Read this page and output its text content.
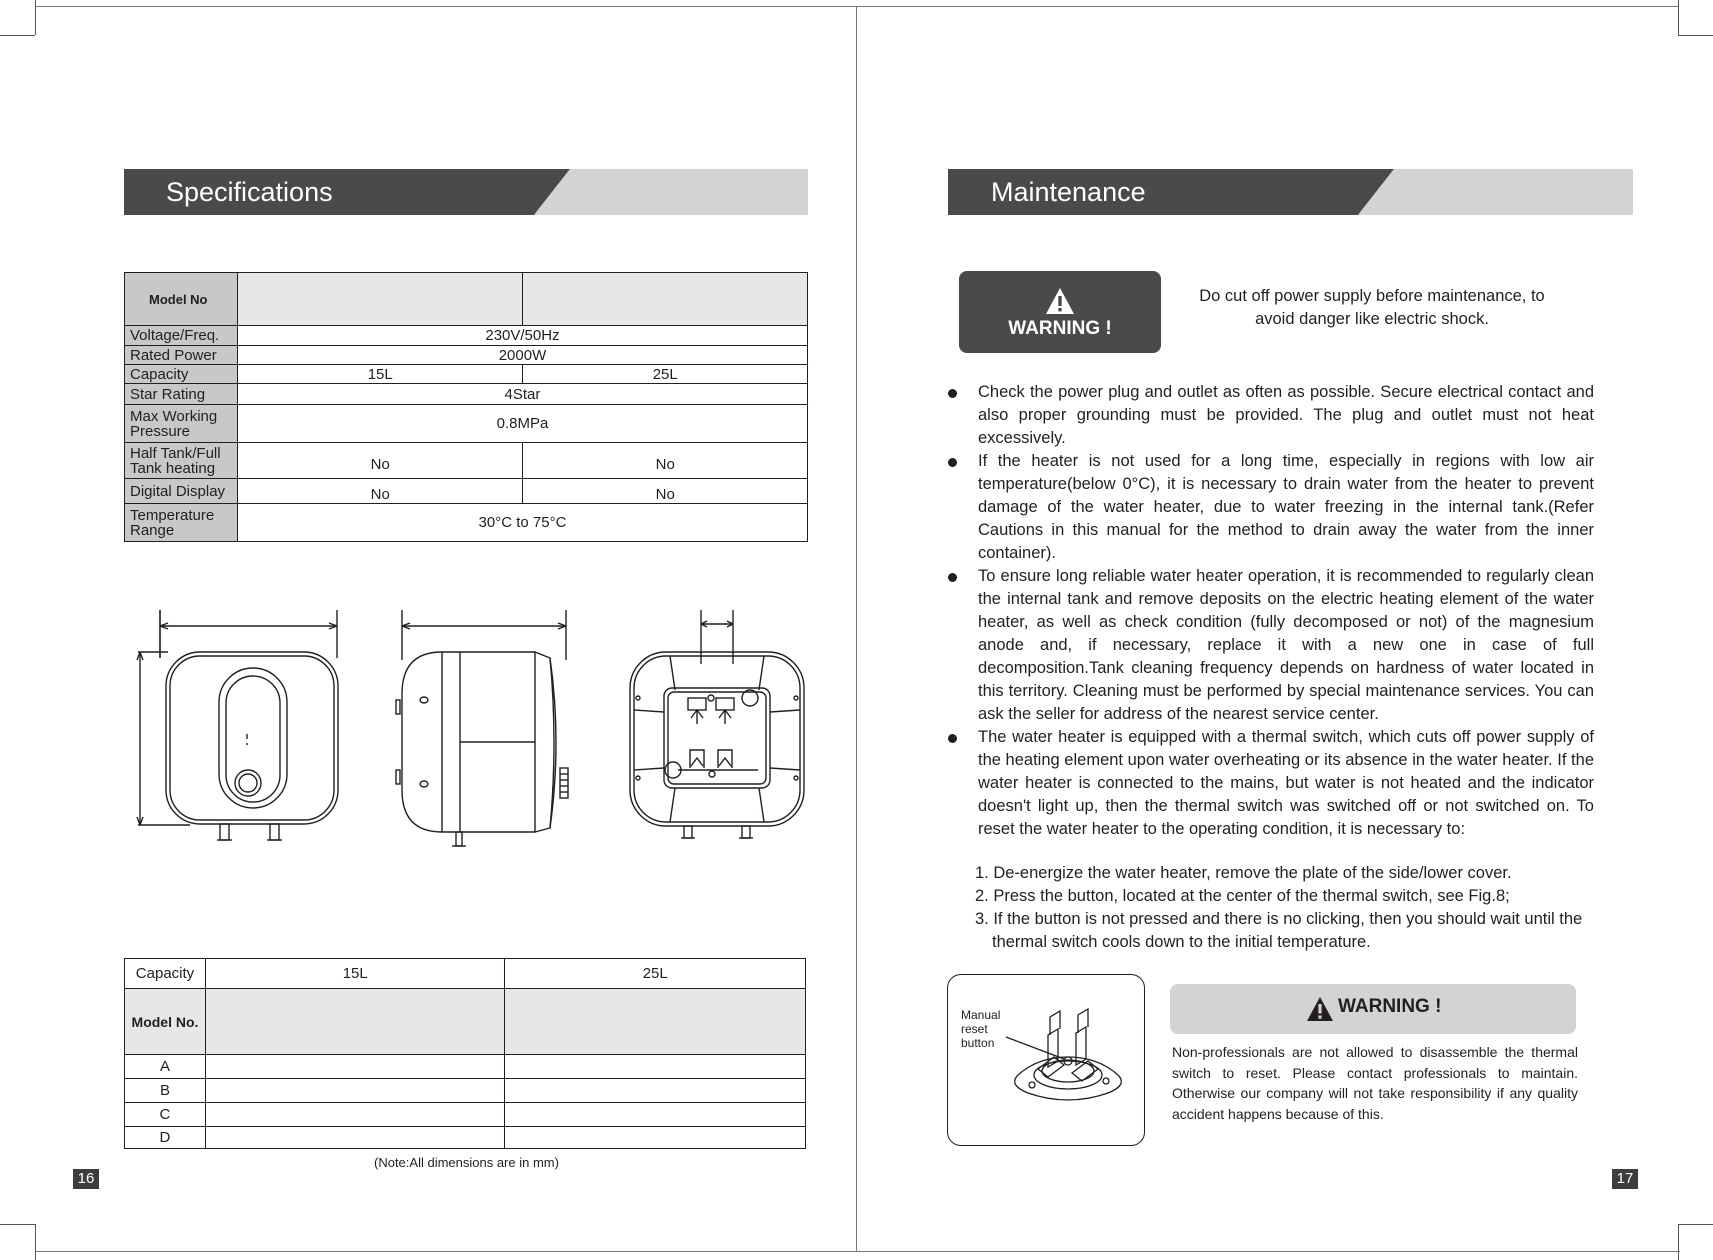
Specifications
Model No		
Voltage/Freq.	230V/50Hz	
Rated Power	2000W	
Capacity	15L	25L
Star Rating	4Star	
Max Working Pressure	0.8MPa	
Half Tank/Full Tank heating	No	No
Digital Display	No	No
Temperature Range	30°C to 75°C	
Capacity	15L	25L
Model No.		
A		
B		
C		
D		
(Note:All dimensions are in mm)
16
Maintenance
WARNING !
Do cut off power supply before maintenance, to
avoid danger like electric shock.
Check the power plug and outlet as often as possible. Secure electrical contact and also proper grounding must be provided. The plug and outlet must not heat excessively.
If the heater is not used for a long time, especially in regions with low air temperature(below 0°C), it is necessary to drain water from the heater to prevent damage of the water heater, due to water freezing in the internal tank.(Refer Cautions in this manual for the method to drain away the water from the inner container).
To ensure long reliable water heater operation, it is recommended to regularly clean the internal tank and remove deposits on the electric heating element of the water heater, as well as check condition (fully decomposed or not) of the magnesium anode and, if necessary, replace it with a new one in case of full decomposition.Tank cleaning frequency depends on hardness of water located in this territory. Cleaning must be performed by special maintenance services. You can ask the seller for address of the nearest service center.
The water heater is equipped with a thermal switch, which cuts off power supply of the heating element upon water overheating or its absence in the water heater. If the water heater is connected to the mains, but water is not heated and the indicator doesn't light up, then the thermal switch was switched off or not switched on. To reset the water heater to the operating condition, it is necessary to:
1. De-energize the water heater, remove the plate of the side/lower cover.
2. Press the button, located at the center of the thermal switch, see Fig.8;
3. If the button is not pressed and there is no clicking, then you should wait until the thermal switch cools down to the initial temperature.
Manual
reset
button
WARNING !
Non-professionals are not allowed to disassemble the thermal switch to reset. Please contact professionals to maintain. Otherwise our company will not take responsibility if any quality accident happens because of this.
17
